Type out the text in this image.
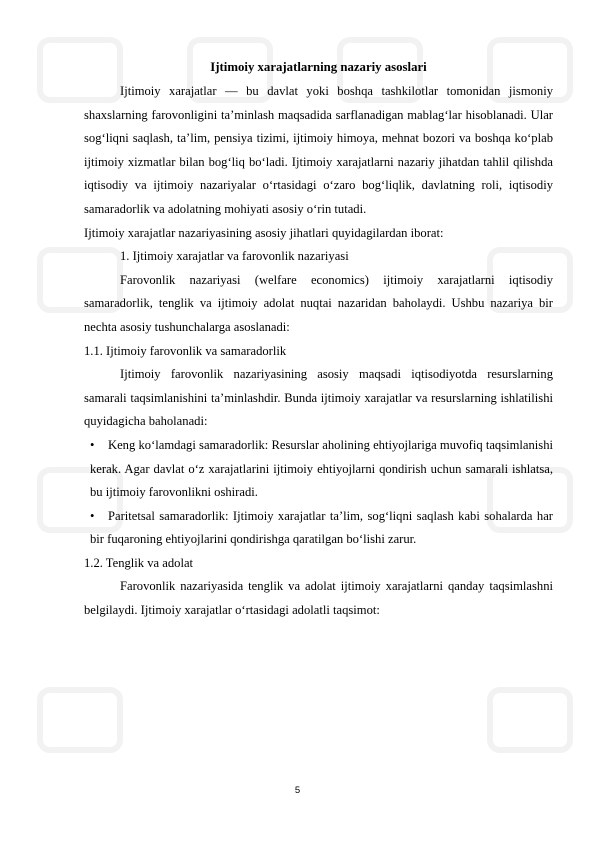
Ijtimoiy xarajatlarning nazariy asoslari

Ijtimoiy xarajatlar — bu davlat yoki boshqa tashkilotlar tomonidan jismoniy shaxslarning farovonligini ta’minlash maqsadida sarflanadigan mablag‘lar hisoblanadi. Ular sog‘liqni saqlash, ta’lim, pensiya tizimi, ijtimoiy himoya, mehnat bozori va boshqa ko‘plab ijtimoiy xizmatlar bilan bog‘liq bo‘ladi. Ijtimoiy xarajatlarni nazariy jihatdan tahlil qilishda iqtisodiy va ijtimoiy nazariyalar o‘rtasidagi o‘zaro bog‘liqlik, davlatning roli, iqtisodiy samaradorlik va adolatning mohiyati asosiy o‘rin tutadi.

Ijtimoiy xarajatlar nazariyasining asosiy jihatlari quyidagilardan iborat:

1. Ijtimoiy xarajatlar va farovonlik nazariyasi

Farovonlik nazariyasi (welfare economics) ijtimoiy xarajatlarni iqtisodiy samaradorlik, tenglik va ijtimoiy adolat nuqtai nazaridan baholaydi. Ushbu nazariya bir nechta asosiy tushunchalarga asoslanadi:

1.1. Ijtimoiy farovonlik va samaradorlik

Ijtimoiy farovonlik nazariyasining asosiy maqsadi iqtisodiyotda resurslarning samarali taqsimlanishini ta’minlashdir. Bunda ijtimoiy xarajatlar va resurslarning ishlatilishi quyidagicha baholanadi:

• Keng ko‘lamdagi samaradorlik: Resurslar aholining ehtiyojlariga muvofiq taqsimlanishi kerak. Agar davlat o‘z xarajatlarini ijtimoiy ehtiyojlarni qondirish uchun samarali ishlatsa, bu ijtimoiy farovonlikni oshiradi.

• Paritetsal samaradorlik: Ijtimoiy xarajatlar ta’lim, sog‘liqni saqlash kabi sohalarda har bir fuqaroning ehtiyojlarini qondirishga qaratilgan bo‘lishi zarur.

1.2. Tenglik va adolat

Farovonlik nazariyasida tenglik va adolat ijtimoiy xarajatlarni qanday taqsimlashni belgilaydi. Ijtimoiy xarajatlar o‘rtasidagi adolatli taqsimot:

5
